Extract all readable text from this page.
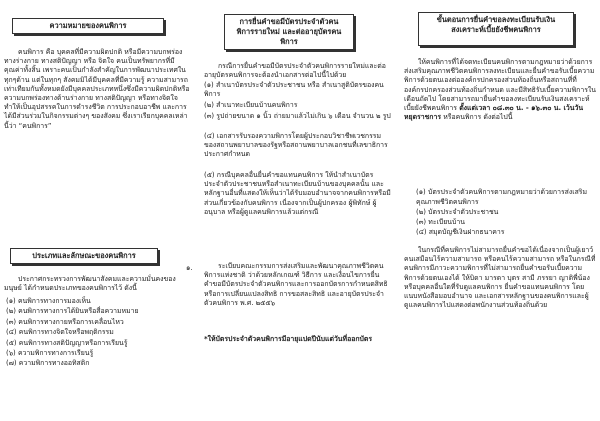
ความหมายของคนพิการ

คนพิการ คือ บุคคลที่มีความผิดปกติ หรือมีความบกพร่องทางร่างกาย ทางสติปัญญา หรือ จิตใจ คนเป็นทรัพยากรที่มีคุณค่าทั้งสิ้น เพราะคนเป็นกำลังสำคัญในการพัฒนาประเทศในทุกๆด้าน แต่ในทุกๆ สังคมมิได้มีบุคคลที่มีความรู้ ความสามารถเท่าเทียมกันทั้งหมดยังมีบุคคลประเภทหนึ่งซึ่งมีความผิดปกติหรือความบกพร่องทางด้านร่างกาย ทางสติปัญญา หรือทางจิตใจ ทำให้เป็นอุปสรรคในการดำรงชีวิต การประกอบอาชีพ และการได้มีส่วนร่วมในกิจกรรมต่างๆ ของสังคม ซึ่งเราเรียกบุคคลเหล่านี้ว่า “คนพิการ”

ประเภทและลักษณะของคนพิการ

ประกาศกระทรวงการพัฒนาสังคมและความมั่นคงของมนุษย์ ได้กำหนดประเภทของคนพิการไว้ ดังนี้

(๑) คนพิการทางการมองเห็น
(๒) คนพิการทางการได้ยินหรือสื่อความหมาย
(๓) คนพิการทางกายหรือการเคลื่อนไหว
(๔) คนพิการทางจิตใจหรือพฤติกรรม
(๕) คนพิการทางสติปัญญาหรือการเรียนรู้
(๖) ความพิการทางการเรียนรู้
(๗) ความพิการทางออทิสติก
การยื่นคำขอมีบัตรประจำตัวคนพิการรายใหม่ และต่ออายุบัตรคนพิการ

กรณีการยื่นคำขอมีบัตรประจำตัวคนพิการรายใหม่และต่ออายุบัตรคนพิการจะต้องนำเอกสารต่อไปนี้ไปด้วย

(๑) สำเนาบัตรประจำตัวประชาชน หรือ สำเนาสูติบัตรของคนพิการ

(๒) สำเนาทะเบียนบ้านคนพิการ

(๓) รูปถ่ายขนาด ๑ นิ้ว ถ่ายมาแล้วไม่เกิน ๖ เดือน จำนวน ๒ รูป

(๔) เอกสารรับรองความพิการโดยผู้ประกอบวิชาชีพเวชกรรมของสถานพยาบาลของรัฐหรือสถานพยาบาลเอกชนที่เลขาธิการประกาศกำหนด

(๕) กรณีบุคคลอื่นยื่นคำขอแทนคนพิการ ให้นำสำเนาบัตรประจำตัวประชาชนหรือสำเนาทะเบียนบ้านของบุคคลนั้น และหลักฐานอื่นที่แสดงให้เห็นว่าได้รับมอบอำนาจจากคนพิการหรือมีส่วนเกี่ยวข้องกับคนพิการ เนื่องจากเป็นผู้ปกครอง ผู้พิทักษ์ ผู้อนุบาล หรือผู้ดูแลคนพิการแล้วแต่กรณี

๑.	ระเบียบคณะกรรมการส่งเสริมและพัฒนาคุณภาพชีวิตคนพิการแห่งชาติ ว่าด้วยหลักเกณฑ์ วิธีการ และเงื่อนไขการยื่นคำขอมีบัตรประจำตัวคนพิการและการออกบัตรการกำหนดสิทธิหรือการเปลี่ยนแปลงสิทธิ การขอสละสิทธิ และอายุบัตรประจำตัวคนพิการ พ.ศ. ๒๕๕๖

*ให้บัตรประจำตัวคนพิการมีอายุแปดปีนับแต่วันที่ออกบัตร

ขั้นตอนการยื่นคำขอลงทะเบียนรับเงินสงเคราะห์เบี้ยยังชีพคนพิการ

ให้คนพิการที่ได้จดทะเบียนคนพิการตามกฎหมายว่าด้วยการส่งเสริมคุณภาพชีวิตคนพิการลงทะเบียนและยื่นคำขอรับเบี้ยความพิการด้วยตนเองต่อองค์กรปกครองส่วนท้องถิ่นหรือสถานที่ที่องค์กรปกครองส่วนท้องถิ่นกำหนด และมีสิทธิรับเบี้ยความพิการในเดือนถัดไป โดยสามารถมายื่นคำขอลงทะเบียนรับเงินสงเคราะห์เบี้ยยังชีพคนพิการ ตั้งแต่เวลา ๐๘.๓๐ น. - ๑๖.๓๐ น. เว้นวันหยุดราชการ หรือคนพิการ ดังต่อไปนี้

(๑) บัตรประจำตัวคนพิการตามกฎหมายว่าด้วยการส่งเสริมคุณภาพชีวิตคนพิการ
(๒) บัตรประจำตัวประชาชน
(๓) ทะเบียนบ้าน
(๔) สมุดบัญชีเงินฝากธนาคาร

ในกรณีที่คนพิการไม่สามารถยื่นคำขอได้เนื่องจากเป็นผู้เยาว์ คนเสมือนไร้ความสามารถ หรือคนไร้ความสามารถ หรือในกรณีที่คนพิการมีภาวะความพิการที่ไม่สามารถยื่นคำขอรับเบี้ยความพิการด้วยตนเองได้ ให้บิดา มารดา บุตร สามี ภรรยา ญาติพี่น้อง หรือบุคคลอื่นใดที่รับดูแลคนพิการ ยื่นคำขอแทนคนพิการ โดยแนบหนังสือมอบอำนาจ และเอกสารหลักฐานของคนพิการและผู้ดูแลคนพิการไปแสดงต่อพนักงานส่วนท้องถิ่นด้วย
